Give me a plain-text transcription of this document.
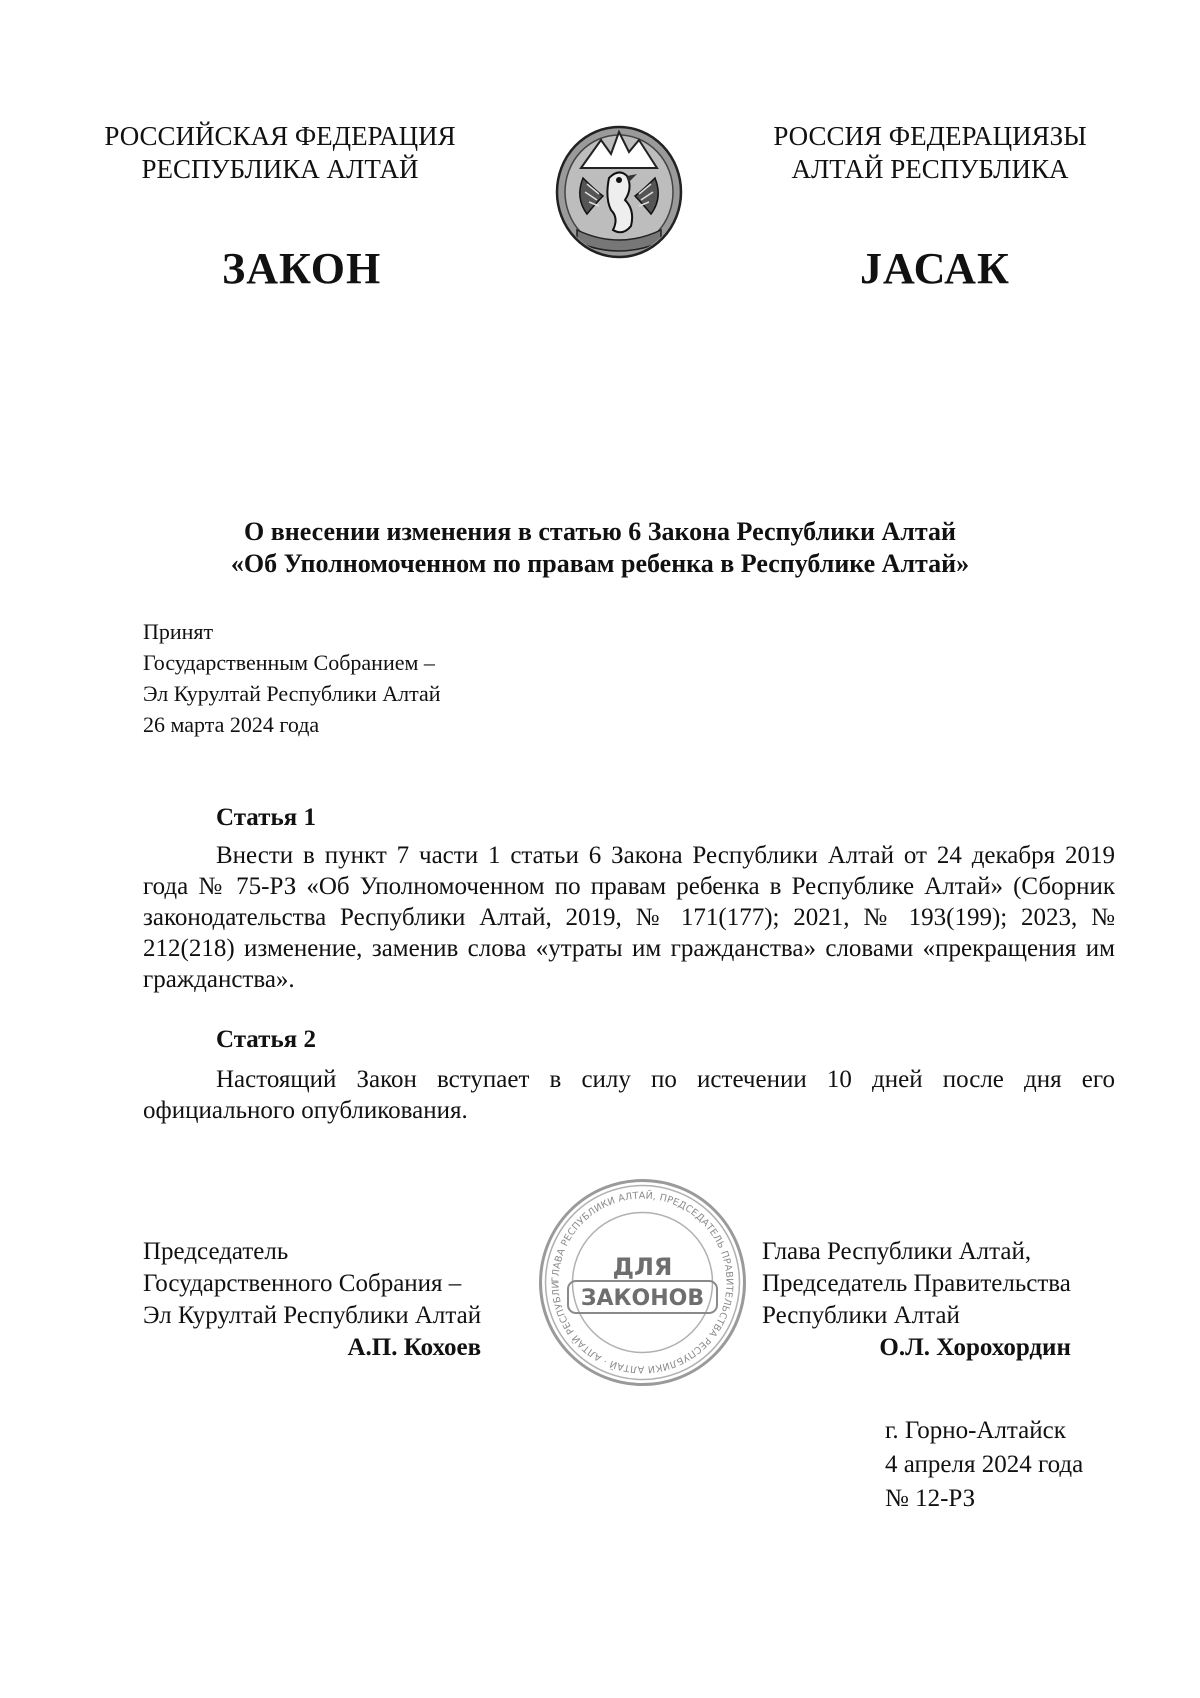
РОССИЙСКАЯ ФЕДЕРАЦИЯ
РЕСПУБЛИКА АЛТАЙ
РОССИЯ ФЕДЕРАЦИЯЗЫ
АЛТАЙ РЕСПУБЛИКА
ЗАКОН	JАСАК
О внесении изменения в статью 6 Закона Республики Алтай
«Об Уполномоченном по правам ребенка в Республике Алтай»
Принят
Государственным Собранием –
Эл Курултай Республики Алтай
26 марта 2024 года
Статья 1

Внести в пункт 7 части 1 статьи 6 Закона Республики Алтай от 24 декабря 2019 года № 75-РЗ «Об Уполномоченном по правам ребенка в Республике Алтай» (Сборник законодательства Республики Алтай, 2019, № 171(177); 2021, № 193(199); 2023, № 212(218) изменение, заменив слова «утраты им гражданства» словами «прекращения им гражданства».

Статья 2

Настоящий Закон вступает в силу по истечении 10 дней после дня его официального опубликования.

Председатель
Государственного Собрания –
Эл Курултай Республики Алтай
А.П. Кохоев
ГЛАВА РЕСПУБЛИКИ АЛТАЙ, ПРЕДСЕДАТЕЛЬ ПРАВИТЕЛЬСТВА РЕСПУБЛИКИ АЛТАЙ · АЛТАЙ РЕСПУБЛИ
ДЛЯ
ЗАКОНОВ
Глава Республики Алтай,
Председатель Правительства
Республики Алтай
О.Л. Хорохордин
г. Горно-Алтайск
4 апреля 2024 года
№ 12-РЗ
